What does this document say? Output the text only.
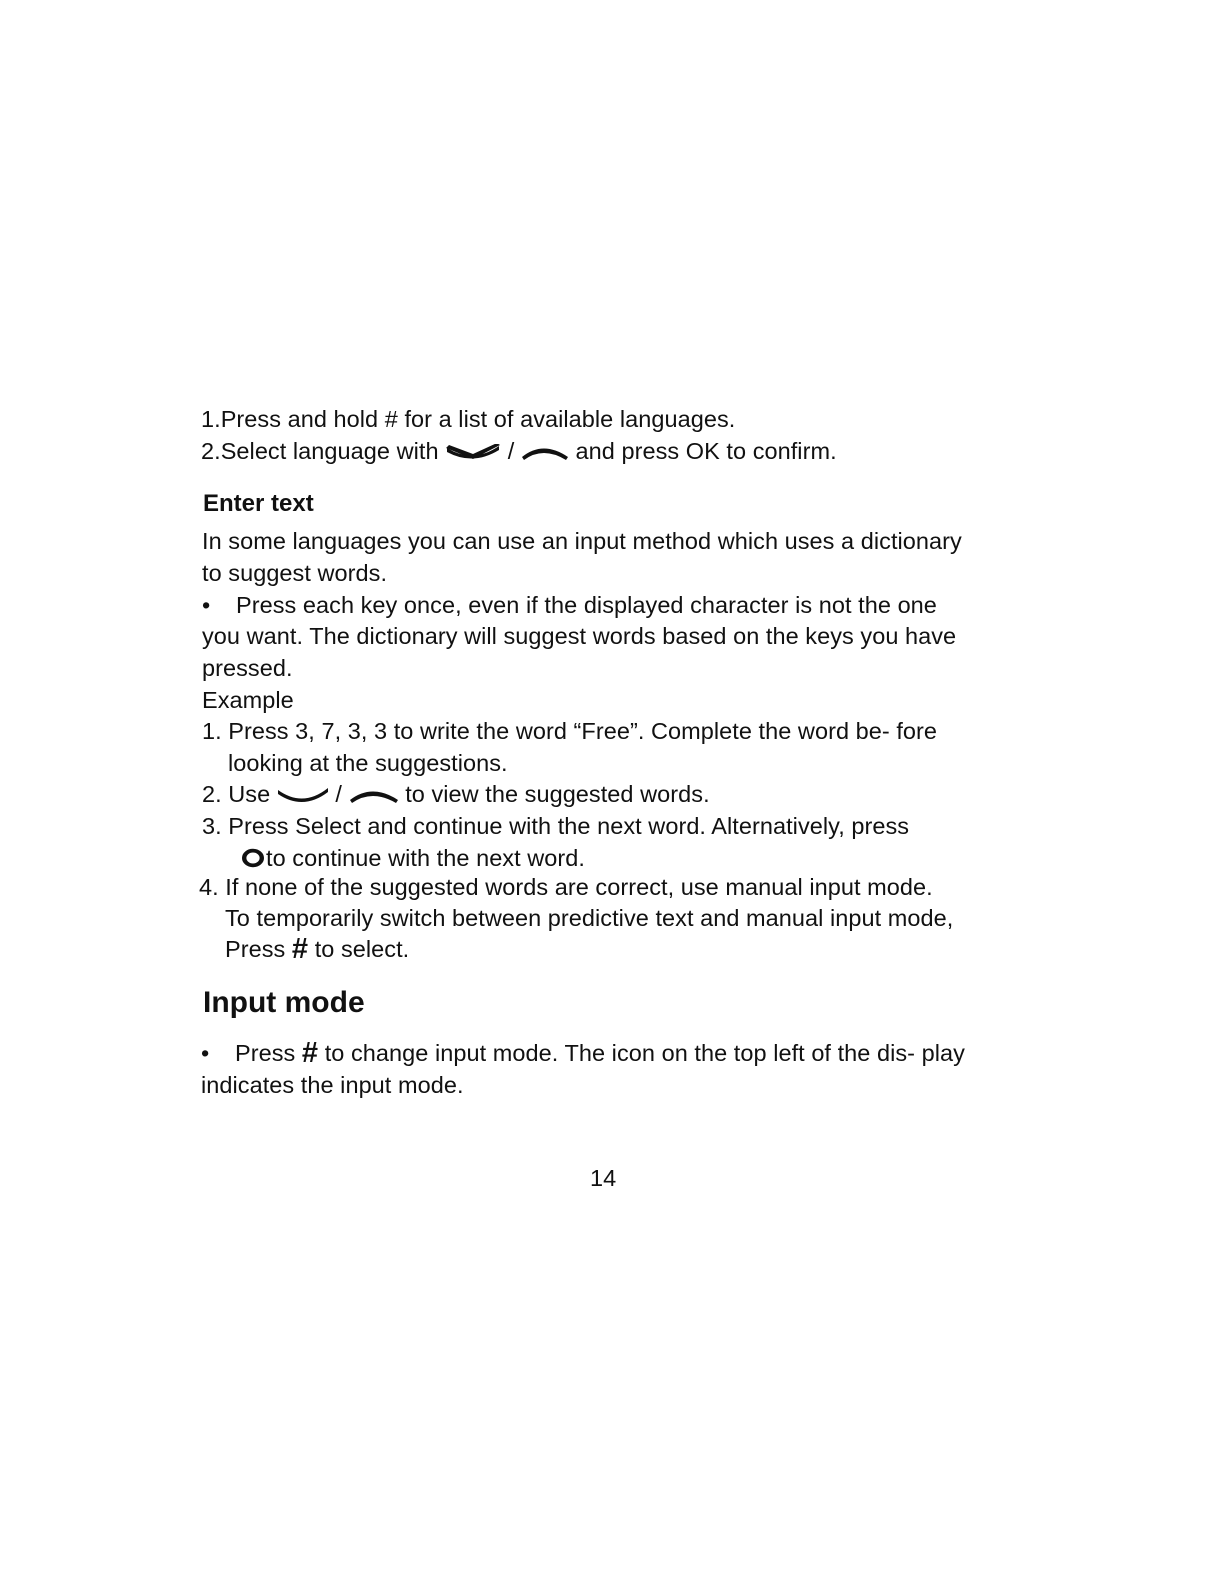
1.Press and hold # for a list of available languages.
2.Select language with	/	and press OK to confirm.
Enter text
In some languages you can use an input method which uses a dictionary
to suggest words.
• Press each key once, even if the displayed character is not the one
you want. The dictionary will suggest words based on the keys you have
pressed.
Example
1. Press 3, 7, 3, 3 to write the word “Free”. Complete the word be- fore
looking at the suggestions.
2. Use	/	to view the suggested words.
3. Press Select and continue with the next word. Alternatively, press
to continue with the next word.
4. If none of the suggested words are correct, use manual input mode.
To temporarily switch between predictive text and manual input mode,
Press # to select.
Input mode
• Press # to change input mode. The icon on the top left of the dis- play
indicates the input mode.
14
